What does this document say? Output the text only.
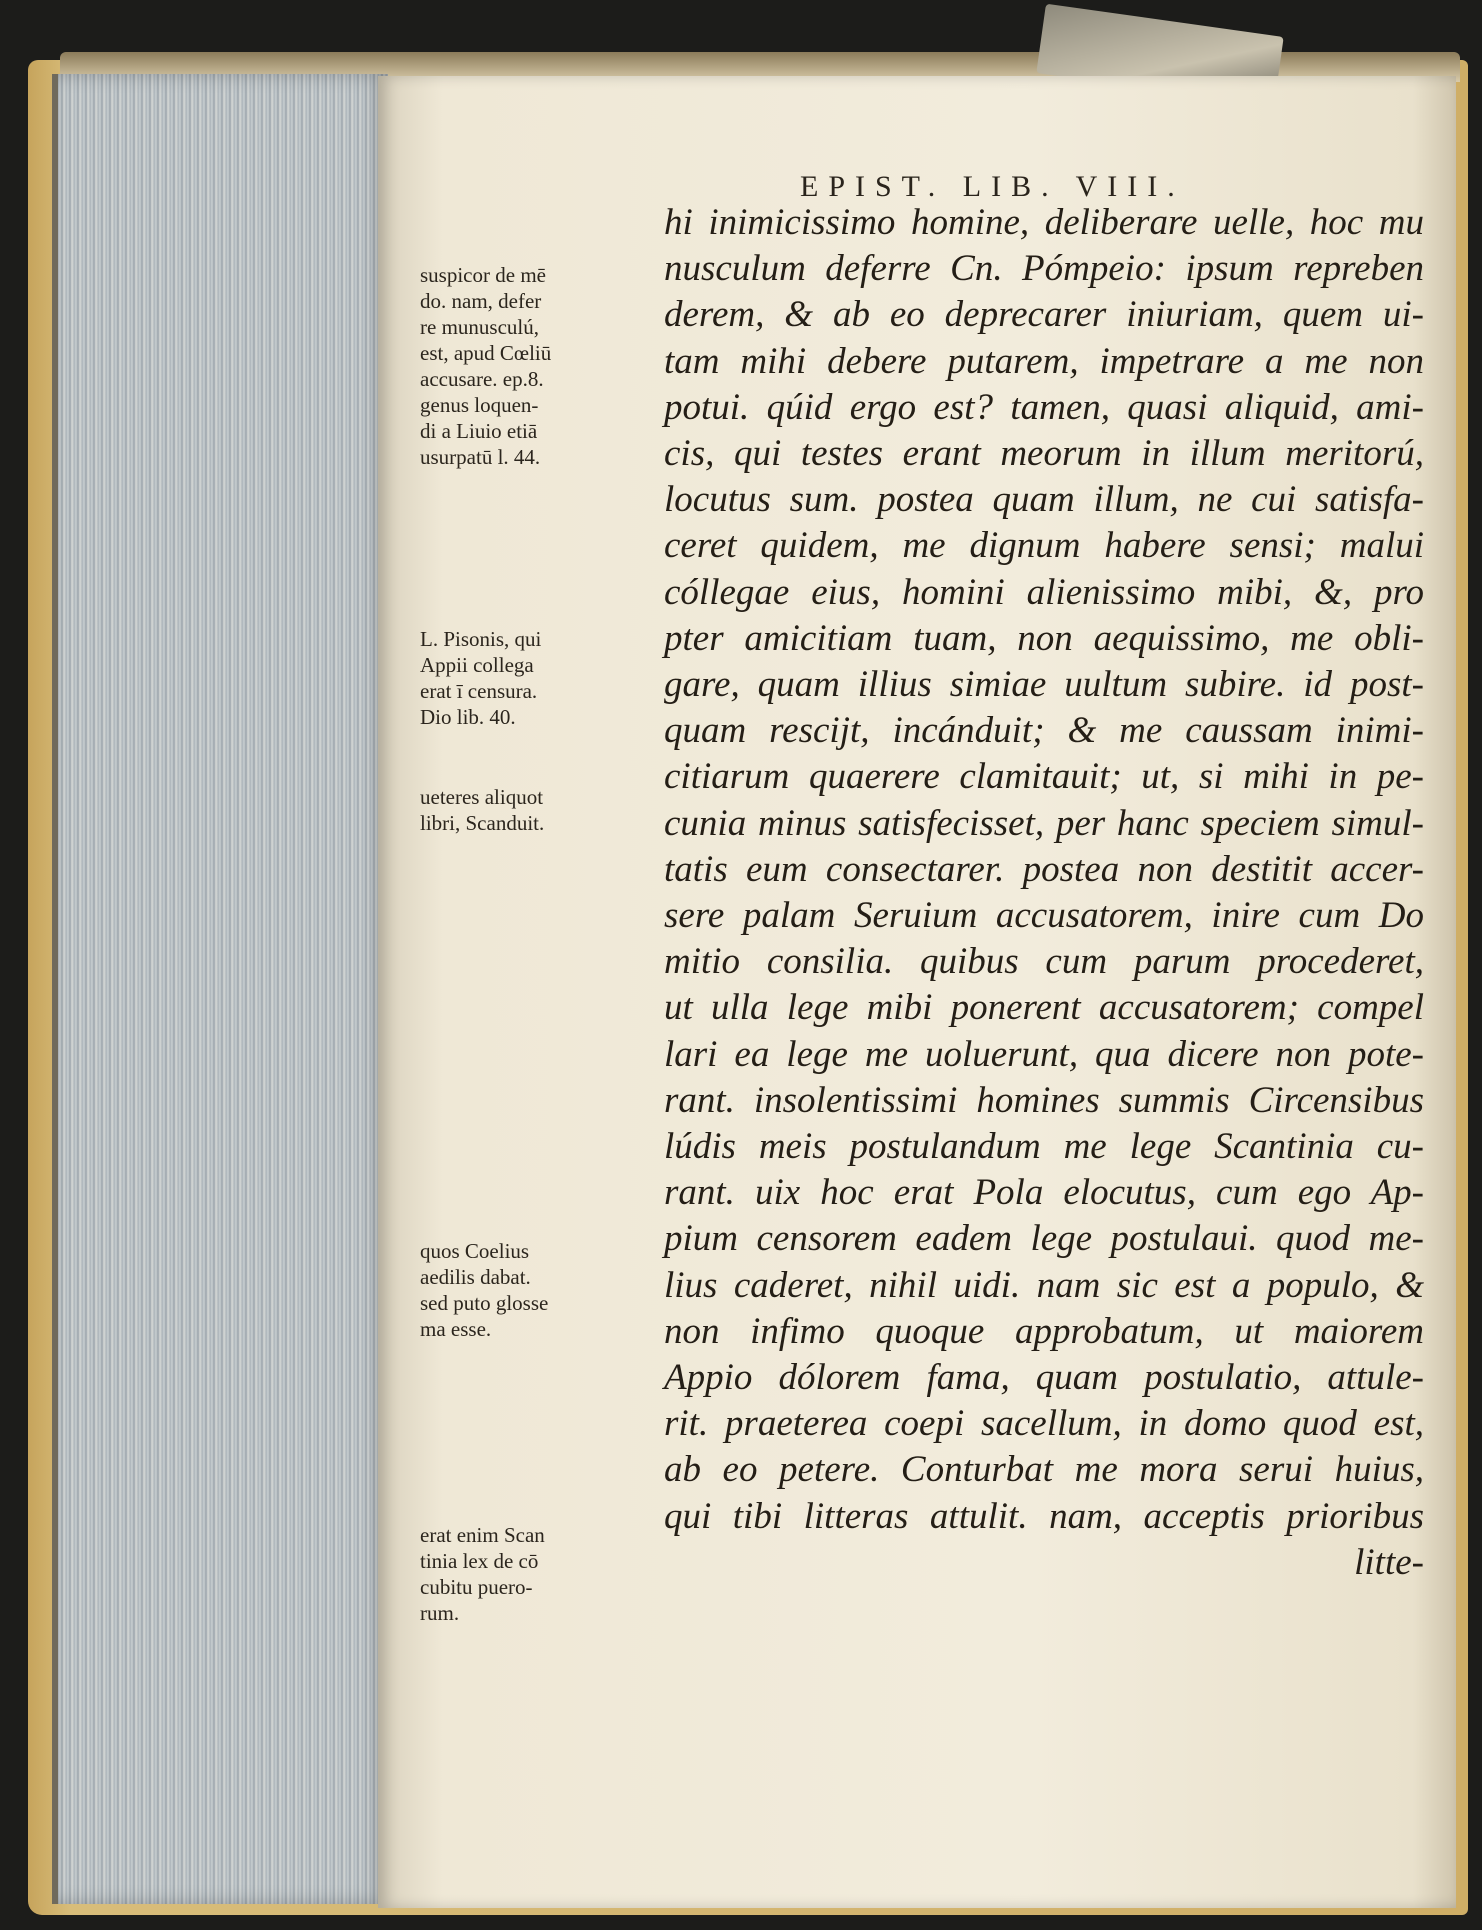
EPIST. LIB. VIII.
hi inimicissimo homine, deliberare uelle, hoc mu
nusculum deferre Cn. Pómpeio: ipsum repreben
derem, & ab eo deprecarer iniuriam, quem ui-
tam mihi debere putarem, impetrare a me non
potui. qúid ergo est? tamen, quasi aliquid, ami-
cis, qui testes erant meorum in illum meritorú,
locutus sum. postea quam illum, ne cui satisfa-
ceret quidem, me dignum habere sensi; malui
cóllegae eius, homini alienissimo mibi, &, pro
pter amicitiam tuam, non aequissimo, me obli-
gare, quam illius simiae uultum subire. id post-
quam rescijt, incánduit; & me caussam inimi-
citiarum quaerere clamitauit; ut, si mihi in pe-
cunia minus satisfecisset, per hanc speciem simul-
tatis eum consectarer. postea non destitit accer-
sere palam Seruium accusatorem, inire cum Do
mitio consilia. quibus cum parum procederet,
ut ulla lege mibi ponerent accusatorem; compel
lari ea lege me uoluerunt, qua dicere non pote-
rant. insolentissimi homines summis Circensibus
lúdis meis postulandum me lege Scantinia cu-
rant. uix hoc erat Pola elocutus, cum ego Ap-
pium censorem eadem lege postulaui. quod me-
lius caderet, nihil uidi. nam sic est a populo, &
non infimo quoque approbatum, ut maiorem
Appio dólorem fama, quam postulatio, attule-
rit. praeterea coepi sacellum, in domo quod est,
ab eo petere. Conturbat me mora serui huius,
qui tibi litteras attulit. nam, acceptis prioribus
litte-
suspicor de mē
do. nam, defer
re munusculú,
est, apud Cœliū
accusare. ep.8.
genus loquen-
di a Liuio etiā
usurpatū l. 44.
L. Pisonis, qui
Appii collega
erat ī censura.
Dio lib. 40.
ueteres aliquot
libri, Scanduit.
quos Coelius
aedilis dabat.
sed puto glosse
ma esse.
erat enim Scan
tinia lex de cō
cubitu puero-
rum.
